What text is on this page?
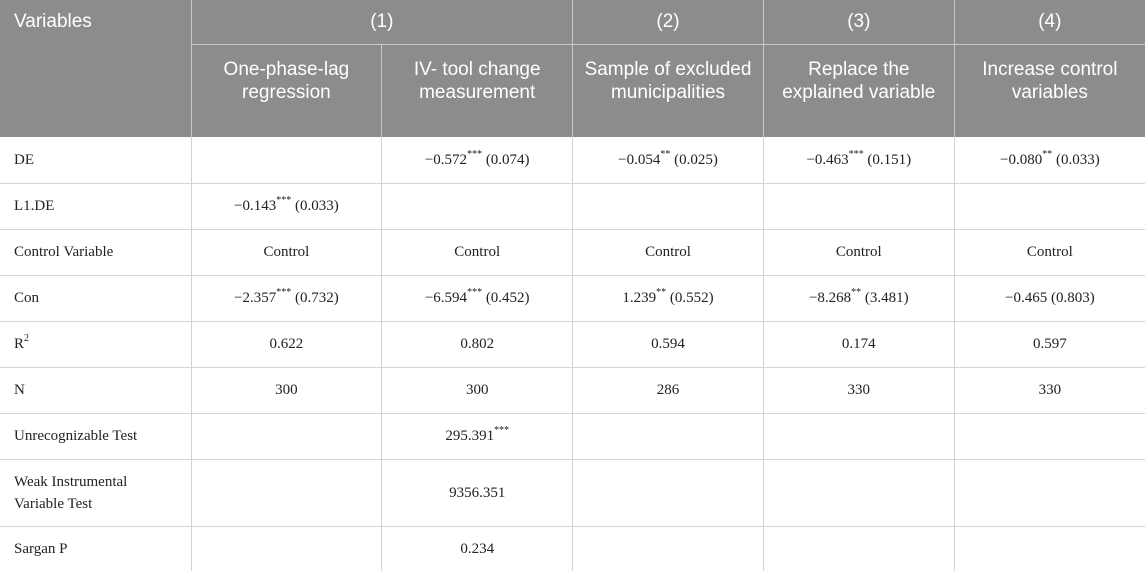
Variables	(1)		(2)	(3)	(4)
	One-phase-lag regression	IV- tool change measurement	Sample of excluded municipalities	Replace the explained variable	Increase control variables
DE		−0.572*** (0.074)	−0.054** (0.025)	−0.463*** (0.151)	−0.080** (0.033)
L1.DE	−0.143*** (0.033)				
Control Variable	Control	Control	Control	Control	Control
Con	−2.357*** (0.732)	−6.594*** (0.452)	1.239** (0.552)	−8.268** (3.481)	−0.465 (0.803)
$R^2$	0.622	0.802	0.594	0.174	0.597
N	300	300	286	330	330
Unrecognizable Test		295.391***			
Weak Instrumental
Variable Test		9356.351			
Sargan P		0.234			
